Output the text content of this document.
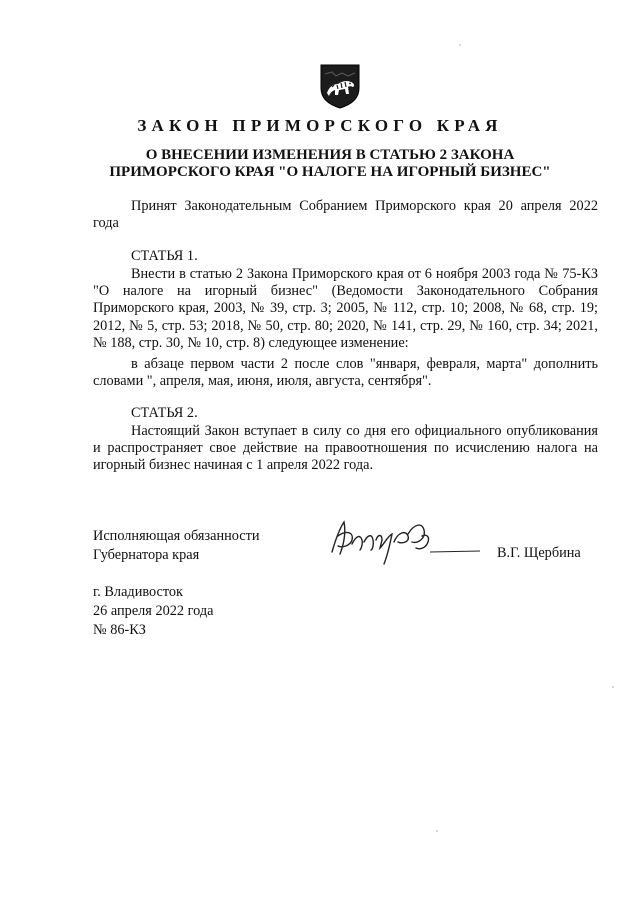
ЗАКОН ПРИМОРСКОГО КРАЯ
О ВНЕСЕНИИ ИЗМЕНЕНИЯ В СТАТЬЮ 2 ЗАКОНА
ПРИМОРСКОГО КРАЯ "О НАЛОГЕ НА ИГОРНЫЙ БИЗНЕС"
Принят Законодательным Собранием Приморского края 20 апреля 2022 года
СТАТЬЯ 1.
Внести в статью 2 Закона Приморского края от 6 ноября 2003 года № 75-КЗ "О налоге на игорный бизнес" (Ведомости Законодательного Собрания Приморского края, 2003, № 39, стр. 3; 2005, № 112, стр. 10; 2008, № 68, стр. 19; 2012, № 5, стр. 53; 2018, № 50, стр. 80; 2020, № 141, стр. 29, № 160, стр. 34; 2021, № 188, стр. 30, № 10, стр. 8) следующее изменение:
в абзаце первом части 2 после слов "января, февраля, марта" дополнить словами ", апреля, мая, июня, июля, августа, сентября".
СТАТЬЯ 2.
Настоящий Закон вступает в силу со дня его официального опубликования и распространяет свое действие на правоотношения по исчислению налога на игорный бизнес начиная с 1 апреля 2022 года.
Исполняющая обязанности
Губернатора края	В.Г. Щербина
г. Владивосток
26 апреля 2022 года
№ 86-КЗ
